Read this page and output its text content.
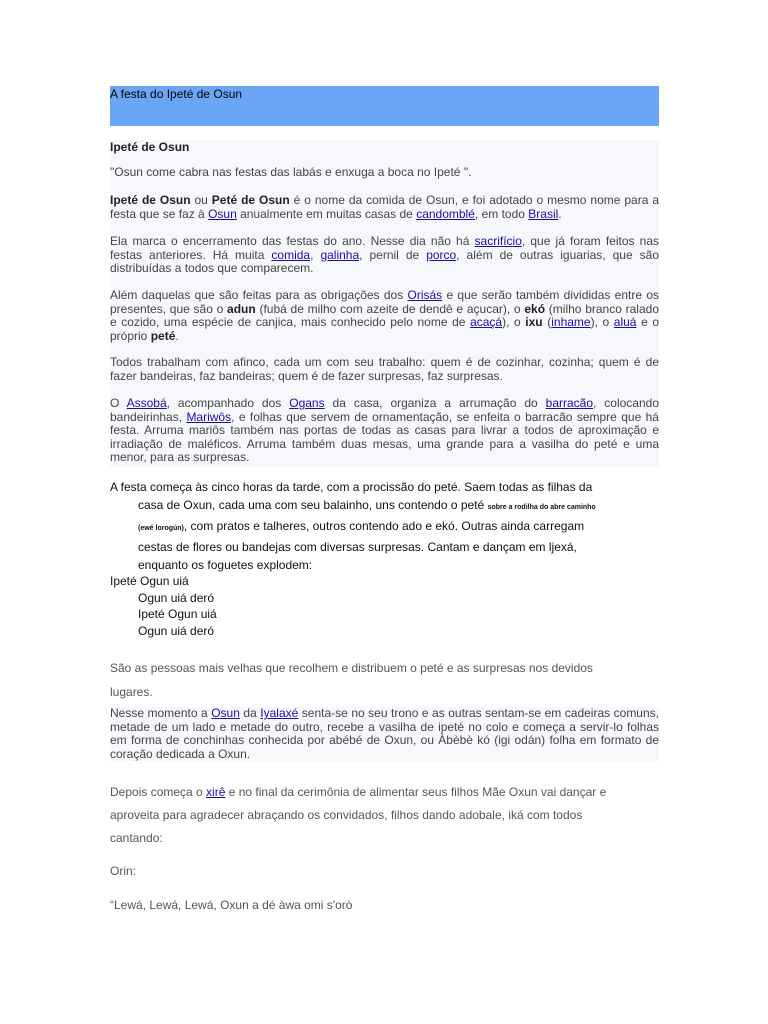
A festa do Ipeté de Osun

Ipeté de Osun

"Osun come cabra nas festas das labás e enxuga a boca no Ipeté ".

Ipeté de Osun ou Peté de Osun é o nome da comida de Osun, e foi adotado o mesmo nome para a festa que se faz à Osun anualmente em muitas casas de candomblé, em todo Brasil.

Ela marca o encerramento das festas do ano. Nesse dia não há sacrifício, que já foram feitos nas festas anteriores. Há muita comida, galinha, pernil de porco, além de outras iguarias, que são distribuídas a todos que comparecem.

Além daquelas que são feitas para as obrigações dos Orisás e que serão também divididas entre os presentes, que são o adun (fubá de milho com azeite de dendê e açucar), o ekó (milho branco ralado e cozido, uma espécie de canjica, mais conhecido pelo nome de acaçá), o ixu (inhame), o aluá e o próprio peté.

Todos trabalham com afinco, cada um com seu trabalho: quem é de cozinhar, cozinha; quem é de fazer bandeiras, faz bandeiras; quem é de fazer surpresas, faz surpresas.

O Assobá, acompanhado dos Ogans da casa, organiza a arrumação do barracão, colocando bandeirinhas, Mariwôs, e folhas que servem de ornamentação, se enfeita o barracão sempre que há festa. Arruma mariôs também nas portas de todas as casas para livrar a todos de aproximação e irradiação de maléficos. Arruma também duas mesas, uma grande para a vasilha do peté e uma menor, para as surpresas.

A festa começa às cinco horas da tarde, com a procissão do peté. Saem todas as filhas da
casa de Oxun, cada uma com seu balainho, uns contendo o peté sobre a rodilha do abre caminho
(ewé lorogún), com pratos e talheres, outros contendo ado e ekó. Outras ainda carregam
cestas de flores ou bandejas com diversas surpresas. Cantam e dançam em ljexá,
enquanto os foguetes explodem:
Ipeté Ogun uiá
Ogun uiá deró
Ipeté Ogun uiá
Ogun uiá deró
São as pessoas mais velhas que recolhem e distribuem o peté e as surpresas nos devidos
lugares.

Nesse momento a Osun da Iyalaxé senta-se no seu trono e as outras sentam-se em cadeiras comuns, metade de um lado e metade do outro, recebe a vasilha de ipeté no colo e começa a servir-lo folhas em forma de conchinhas conhecida por abébé de Oxun, ou Àbèbè kó (igi odán) folha em formato de coração dedicada a Oxun.

Depois começa o xirê e no final da cerimônia de alimentar seus filhos Mãe Oxun vai dançar e
aproveita para agradecer abraçando os convidados, filhos dando adobale, iká com todos
cantando:
Orin:
“Lewá, Lewá, Lewá, Oxun a dé àwa omi s'orò
